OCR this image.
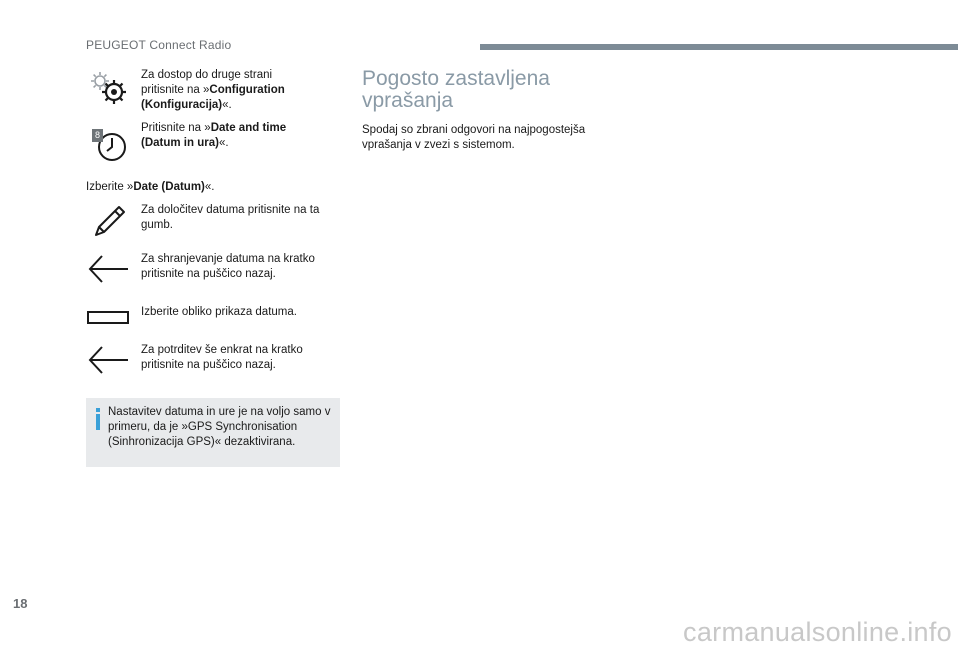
PEUGEOT Connect Radio
Za dostop do druge strani pritisnite na »Configuration (Konfiguracija)«.
8
Pritisnite na »Date and time (Datum in ura)«.
Izberite »Date (Datum)«.
Za določitev datuma pritisnite na ta gumb.
Za shranjevanje datuma na kratko pritisnite na puščico nazaj.
Izberite obliko prikaza datuma.
Za potrditev še enkrat na kratko pritisnite na puščico nazaj.
Nastavitev datuma in ure je na voljo samo v primeru, da je »GPS Synchronisation (Sinhronizacija GPS)« dezaktivirana.
Pogosto zastavljena
vprašanja
Spodaj so zbrani odgovori na najpogostejša vprašanja v zvezi s sistemom.
18
carmanualsonline.info
